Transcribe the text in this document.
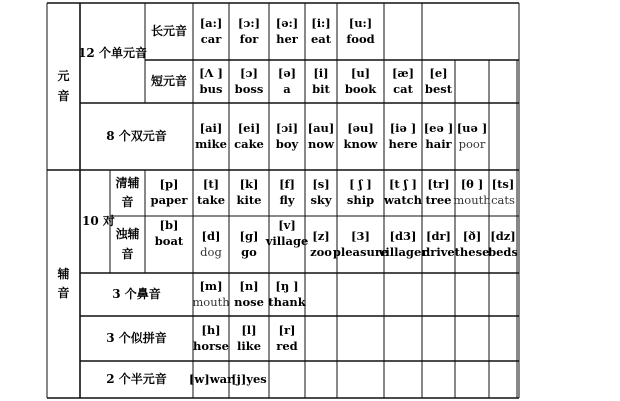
元
音
辅
音
12 个单元音
长元音
短元音
8 个双元音
10 对
清辅
音
浊辅
音
3 个鼻音
3 个似拼音
2 个半元音
[a:]
car
[ɔ:]
for
[ə:]
her
[i:]
eat
[u:]
food
[Λ ]
bus
[ɔ]
boss
[ə]
a
[i]
bit
[u]
book
[æ]
cat
[e]
best
[ai]
mike
[ei]
cake
[ɔi]
boy
[au]
now
[əu]
know
[iə ]
here
[eə ]
hair
[uə ]
poor
[p]
paper
[t]
take
[k]
kite
[f]
fly
[s]
sky
[ ʃ ]
ship
[t ʃ ]
watch
[tr]
tree
[θ ]
mouth
[ts]
cats
[b]
boat [d]
dog
[g]
go
[v]
village [z]
zoo
[3]
pleasure
[d3]
villager
[dr]
drive
[ð]
these
[dz]
beds
[m]
mouth
[n]
nose
[ŋ ]
thank
[h]
horse
[l]
like
[r]
red
[w]war
[j]yes
